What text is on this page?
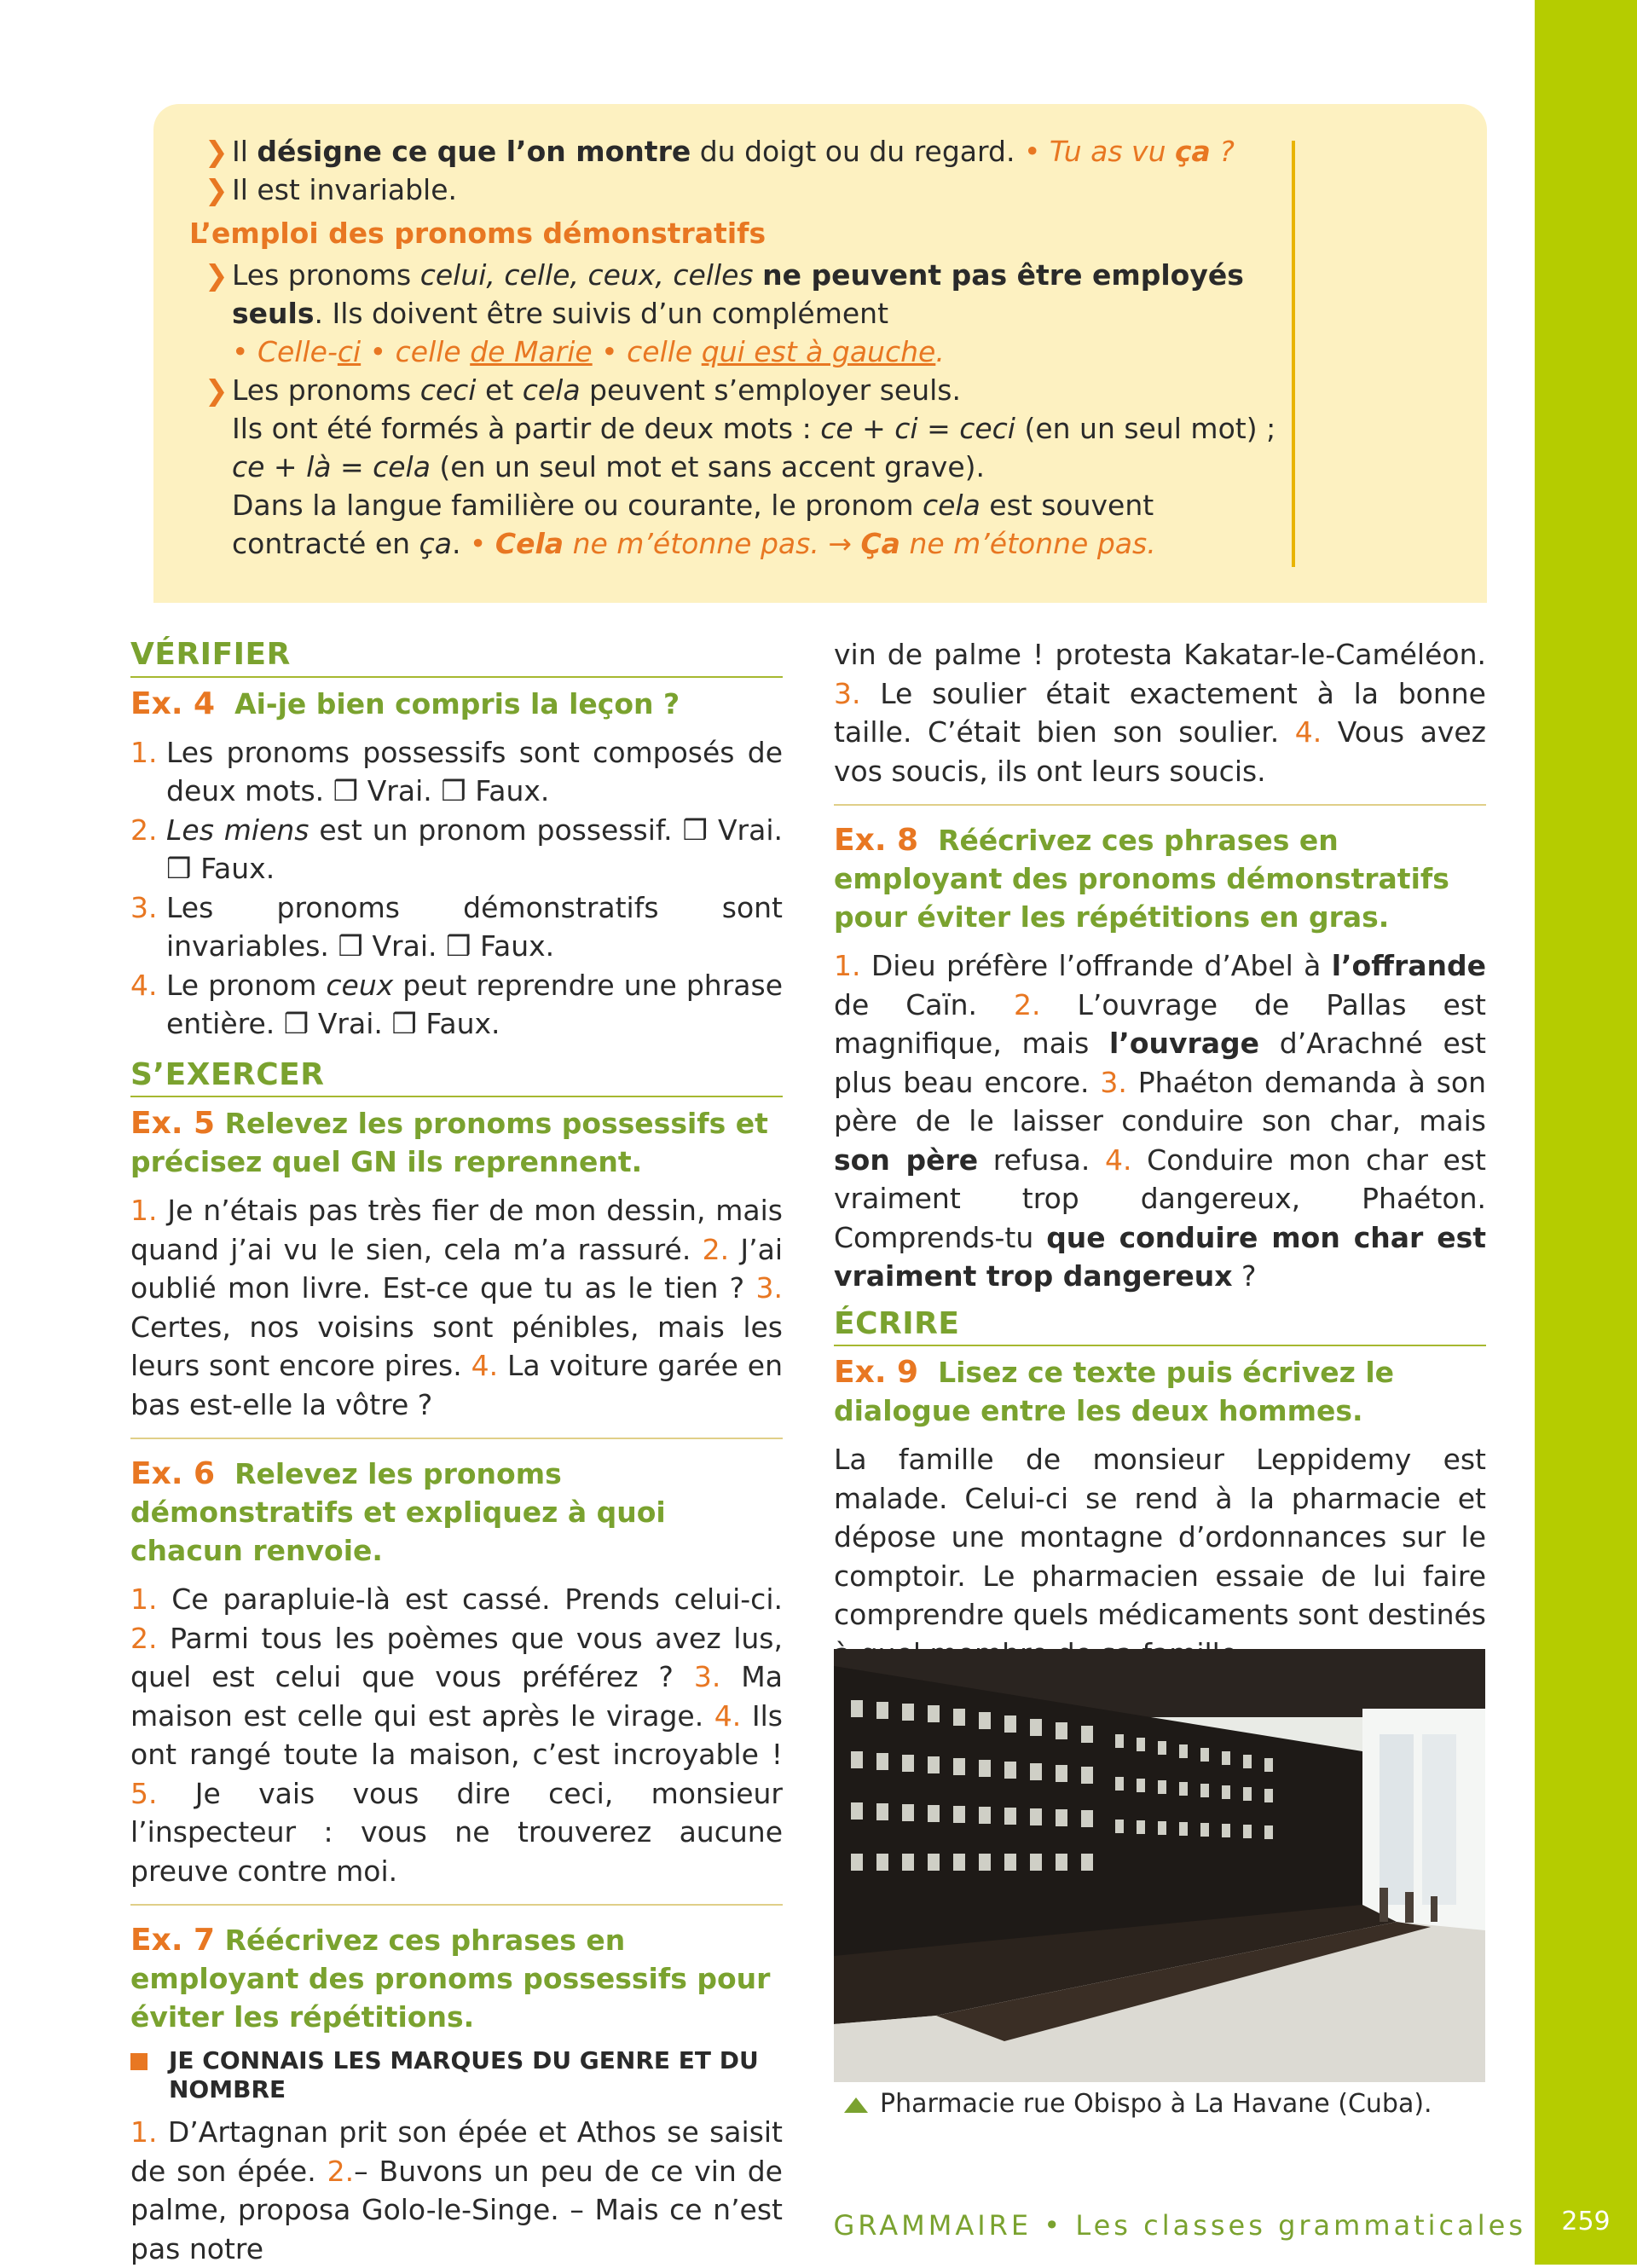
❯ Il désigne ce que l’on montre du doigt ou du regard. • Tu as vu ça ?

❯ Il est invariable.

L’emploi des pronoms démonstratifs

❯ Les pronoms celui, celle, ceux, celles ne peuvent pas être employés seuls. Ils doivent être suivis d’un complément
• Celle-ci • celle de Marie • celle qui est à gauche.

❯ Les pronoms ceci et cela peuvent s’employer seuls.
Ils ont été formés à partir de deux mots : ce + ci = ceci (en un seul mot) ; ce + là = cela (en un seul mot et sans accent grave).
Dans la langue familière ou courante, le pronom cela est souvent contracté en ça. • Cela ne m’étonne pas. → Ça ne m’étonne pas.

VÉRIFIER

Ex. 4 Ai-je bien compris la leçon ?

1. Les pronoms possessifs sont composés de deux mots. ❒ Vrai. ❒ Faux.
2. Les miens est un pronom possessif. ❒ Vrai. ❒ Faux.
3. Les pronoms démonstratifs sont invariables. ❒ Vrai. ❒ Faux.
4. Le pronom ceux peut reprendre une phrase entière. ❒ Vrai. ❒ Faux.

S’EXERCER

Ex. 5 Relevez les pronoms possessifs et précisez quel GN ils reprennent.

1. Je n’étais pas très fier de mon dessin, mais quand j’ai vu le sien, cela m’a rassuré. 2. J’ai oublié mon livre. Est-ce que tu as le tien ? 3. Certes, nos voisins sont pénibles, mais les leurs sont encore pires. 4. La voiture garée en bas est-elle la vôtre ?

Ex. 6 Relevez les pronoms démonstratifs et expliquez à quoi chacun renvoie.

1. Ce parapluie-là est cassé. Prends celui-ci. 2. Parmi tous les poèmes que vous avez lus, quel est celui que vous préférez ? 3. Ma maison est celle qui est après le virage. 4. Ils ont rangé toute la maison, c’est incroyable ! 5. Je vais vous dire ceci, monsieur l’inspecteur : vous ne trouverez aucune preuve contre moi.

Ex. 7 Réécrivez ces phrases en employant des pronoms possessifs pour éviter les répétitions.

JE CONNAIS LES MARQUES DU GENRE ET DU NOMBRE

1. D’Artagnan prit son épée et Athos se saisit de son épée. 2.– Buvons un peu de ce vin de palme, proposa Golo-le-Singe. – Mais ce n’est pas notre

vin de palme ! protesta Kakatar-le-Caméléon. 3. Le soulier était exactement à la bonne taille. C’était bien son soulier. 4. Vous avez vos soucis, ils ont leurs soucis.

Ex. 8 Réécrivez ces phrases en employant des pronoms démonstratifs pour éviter les répétitions en gras.

1. Dieu préfère l’offrande d’Abel à l’offrande de Caïn. 2. L’ouvrage de Pallas est magnifique, mais l’ouvrage d’Arachné est plus beau encore. 3. Phaéton demanda à son père de le laisser conduire son char, mais son père refusa. 4. Conduire mon char est vraiment trop dangereux, Phaéton. Comprends-tu que conduire mon char est vraiment trop dangereux ?

ÉCRIRE

Ex. 9 Lisez ce texte puis écrivez le dialogue entre les deux hommes.

La famille de monsieur Leppidemy est malade. Celui-ci se rend à la pharmacie et dépose une montagne d’ordonnances sur le comptoir. Le pharmacien essaie de lui faire comprendre quels médicaments sont destinés

Pharmacie rue Obispo à La Havane (Cuba).
GRAMMAIRE • Les classes grammaticales	259
